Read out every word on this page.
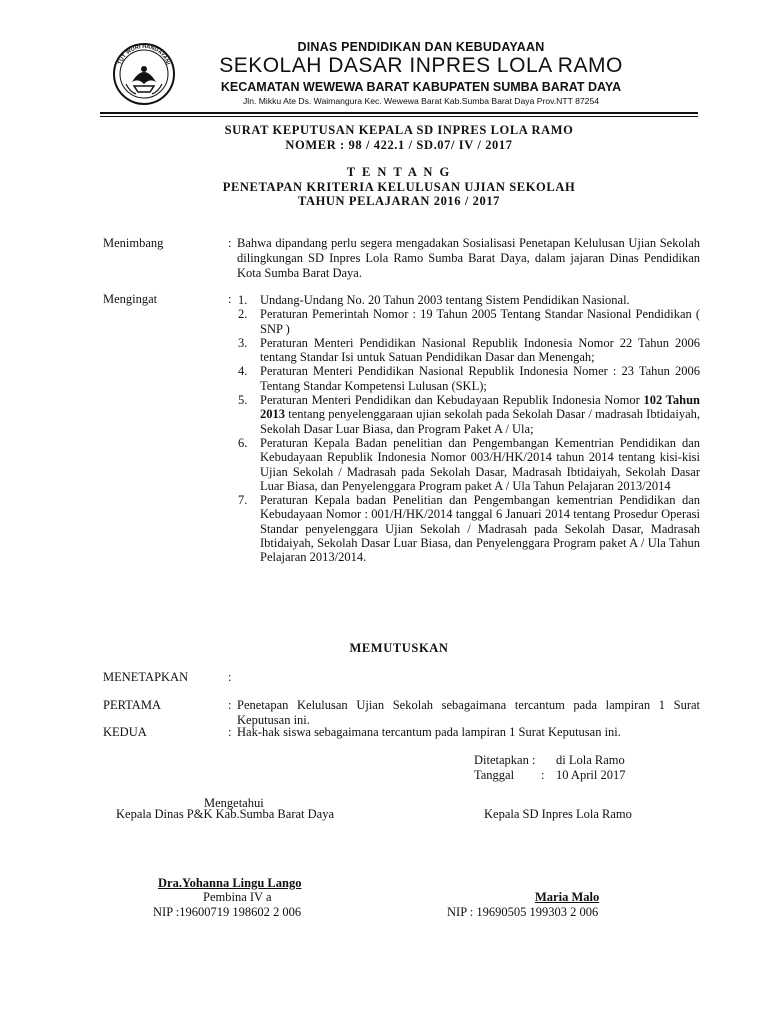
TUT WURI HANDAYANI
DINAS PENDIDIKAN DAN KEBUDAYAAN
SEKOLAH DASAR INPRES LOLA RAMO
KECAMATAN WEWEWA BARAT KABUPATEN SUMBA BARAT DAYA
Jln. Mikku Ate Ds. Waimangura Kec. Wewewa Barat Kab.Sumba Barat Daya Prov.NTT 87254
SURAT KEPUTUSAN KEPALA SD INPRES LOLA RAMO
NOMER : 98 / 422.1 / SD.07/ IV / 2017
T E N T A N G
PENETAPAN KRITERIA KELULUSAN UJIAN SEKOLAH
TAHUN PELAJARAN 2016 / 2017
Menimbang	: Bahwa dipandang perlu segera mengadakan Sosialisasi Penetapan Kelulusan Ujian Sekolah dilingkungan SD Inpres Lola Ramo Sumba Barat Daya, dalam jajaran Dinas Pendidikan Kota Sumba Barat Daya.
Mengingat	: 1. Undang-Undang No. 20 Tahun 2003 tentang Sistem Pendidikan Nasional.
2. Peraturan Pemerintah Nomor : 19 Tahun 2005 Tentang Standar Nasional Pendidikan ( SNP )
3. Peraturan Menteri Pendidikan Nasional Republik Indonesia Nomor 22 Tahun 2006 tentang Standar Isi untuk Satuan Pendidikan Dasar dan Menengah;
4. Peraturan Menteri Pendidikan Nasional Republik Indonesia Nomer : 23 Tahun 2006 Tentang Standar Kompetensi Lulusan (SKL);
5. Peraturan Menteri Pendidikan dan Kebudayaan Republik Indonesia Nomor 102 Tahun 2013 tentang penyelenggaraan ujian sekolah pada Sekolah Dasar / madrasah Ibtidaiyah, Sekolah Dasar Luar Biasa, dan Program Paket A / Ula;
6. Peraturan Kepala Badan penelitian dan Pengembangan Kementrian Pendidikan dan Kebudayaan Republik Indonesia Nomor 003/H/HK/2014 tahun 2014 tentang kisi-kisi Ujian Sekolah / Madrasah pada Sekolah Dasar, Madrasah Ibtidaiyah, Sekolah Dasar Luar Biasa, dan Penyelenggara Program paket A / Ula Tahun Pelajaran 2013/2014
7. Peraturan Kepala badan Penelitian dan Pengembangan kementrian Pendidikan dan Kebudayaan Nomor : 001/H/HK/2014 tanggal 6 Januari 2014 tentang Prosedur Operasi Standar penyelenggara Ujian Sekolah / Madrasah pada Sekolah Dasar, Madrasah Ibtidaiyah, Sekolah Dasar Luar Biasa, dan Penyelenggara Program paket A / Ula Tahun Pelajaran 2013/2014.
MEMUTUSKAN
MENETAPKAN	:
PERTAMA	: Penetapan Kelulusan Ujian Sekolah sebagaimana tercantum pada lampiran 1 Surat Keputusan ini.
KEDUA	: Hak-hak siswa sebagaimana tercantum pada lampiran 1 Surat Keputusan ini.
Ditetapkan : di Lola Ramo
Tanggal : 10 April 2017
Mengetahui
Kepala Dinas P&K Kab.Sumba Barat Daya	Kepala SD Inpres Lola Ramo
Dra.Yohanna Lingu Lango
Pembina IV a
NIP :19600719 198602 2 006
Maria Malo
NIP : 19690505 199303 2 006
